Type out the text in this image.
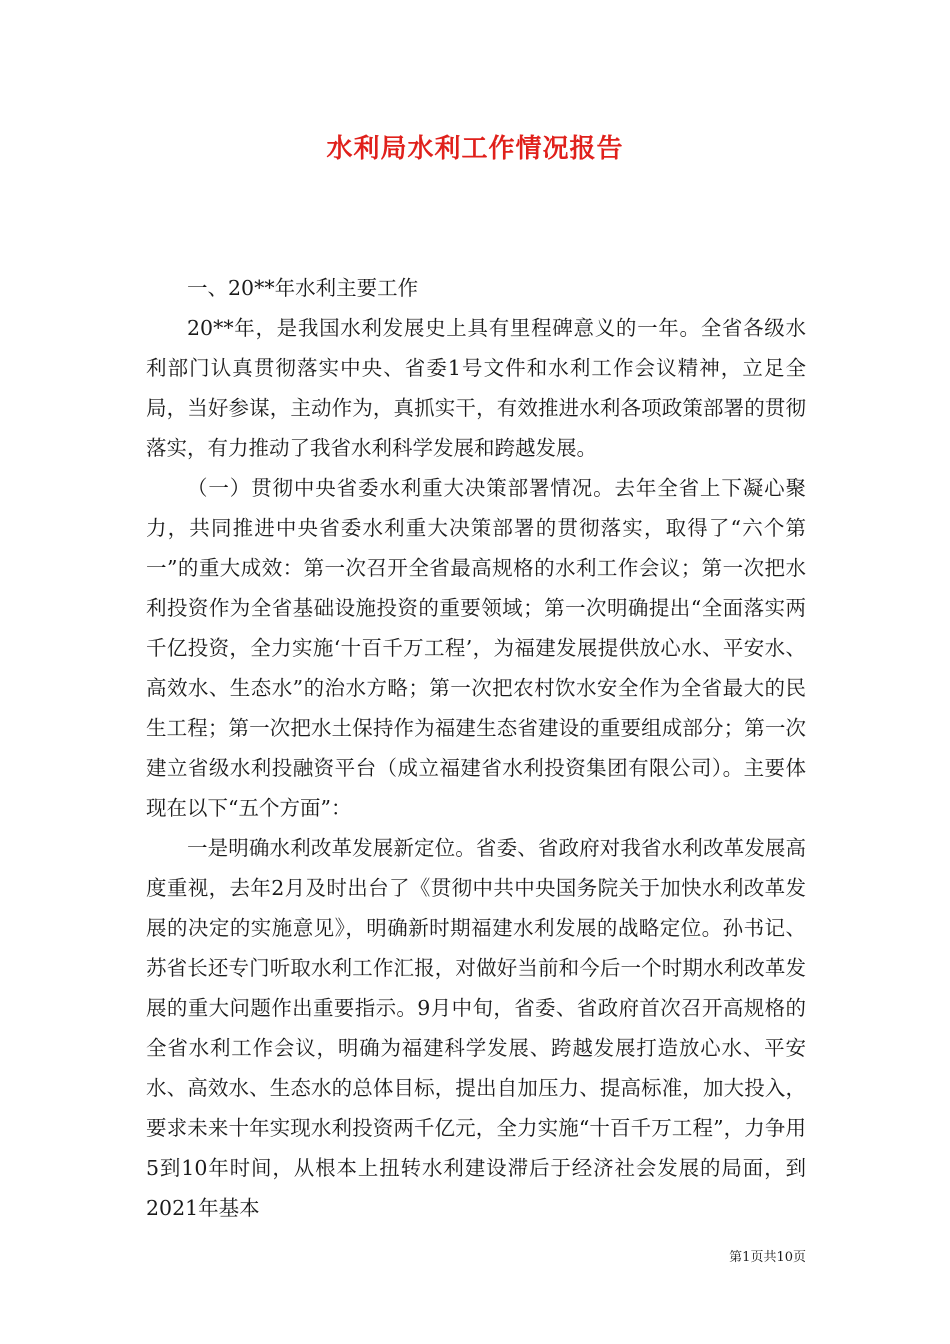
水利局水利工作情况报告

一、20**年水利主要工作

20**年，是我国水利发展史上具有里程碑意义的一年。全省各级水利部门认真贯彻落实中央、省委1号文件和水利工作会议精神，立足全局，当好参谋，主动作为，真抓实干，有效推进水利各项政策部署的贯彻落实，有力推动了我省水利科学发展和跨越发展。

（一）贯彻中央省委水利重大决策部署情况。去年全省上下凝心聚力，共同推进中央省委水利重大决策部署的贯彻落实，取得了“六个第一”的重大成效：第一次召开全省最高规格的水利工作会议；第一次把水利投资作为全省基础设施投资的重要领域；第一次明确提出“全面落实两千亿投资，全力实施‘十百千万工程’，为福建发展提供放心水、平安水、高效水、生态水”的治水方略；第一次把农村饮水安全作为全省最大的民生工程；第一次把水土保持作为福建生态省建设的重要组成部分；第一次建立省级水利投融资平台（成立福建省水利投资集团有限公司）。主要体现在以下“五个方面”：

一是明确水利改革发展新定位。省委、省政府对我省水利改革发展高度重视，去年2月及时出台了《贯彻中共中央国务院关于加快水利改革发展的决定的实施意见》，明确新时期福建水利发展的战略定位。孙书记、苏省长还专门听取水利工作汇报，对做好当前和今后一个时期水利改革发展的重大问题作出重要指示。9月中旬，省委、省政府首次召开高规格的全省水利工作会议，明确为福建科学发展、跨越发展打造放心水、平安水、高效水、生态水的总体目标，提出自加压力、提高标准，加大投入，要求未来十年实现水利投资两千亿元，全力实施“十百千万工程”，力争用5到10年时间，从根本上扭转水利建设滞后于经济社会发展的局面，到2021年基本

第1页共10页
